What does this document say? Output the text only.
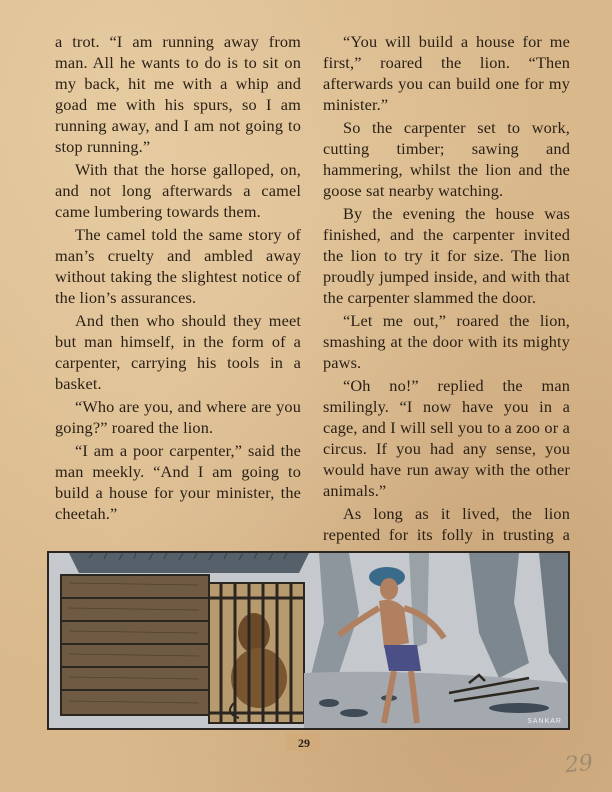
a trot. “I am running away from man. All he wants to do is to sit on my back, hit me with a whip and goad me with his spurs, so I am running away, and I am not going to stop running.”

With that the horse galloped, on, and not long afterwards a camel came lumbering towards them.

The camel told the same story of man’s cruelty and ambled away without taking the slightest notice of the lion’s assurances.

And then who should they meet but man himself, in the form of a carpenter, carrying his tools in a basket.

“Who are you, and where are you going?” roared the lion.

“I am a poor carpenter,” said the man meekly. “And I am going to build a house for your minister, the cheetah.”

“You will build a house for me first,” roared the lion. “Then afterwards you can build one for my minister.”

So the carpenter set to work, cutting timber; sawing and hammering, whilst the lion and the goose sat nearby watching.

By the evening the house was finished, and the carpenter invited the lion to try it for size. The lion proudly jumped inside, and with that the carpenter slammed the door.

“Let me out,” roared the lion, smashing at the door with its mighty paws.

“Oh no!” replied the man smilingly. “I now have you in a cage, and I will sell you to a zoo or a circus. If you had any sense, you would have run away with the other animals.”

As long as it lived, the lion repented for its folly in trusting a

SANKAR
29
29
